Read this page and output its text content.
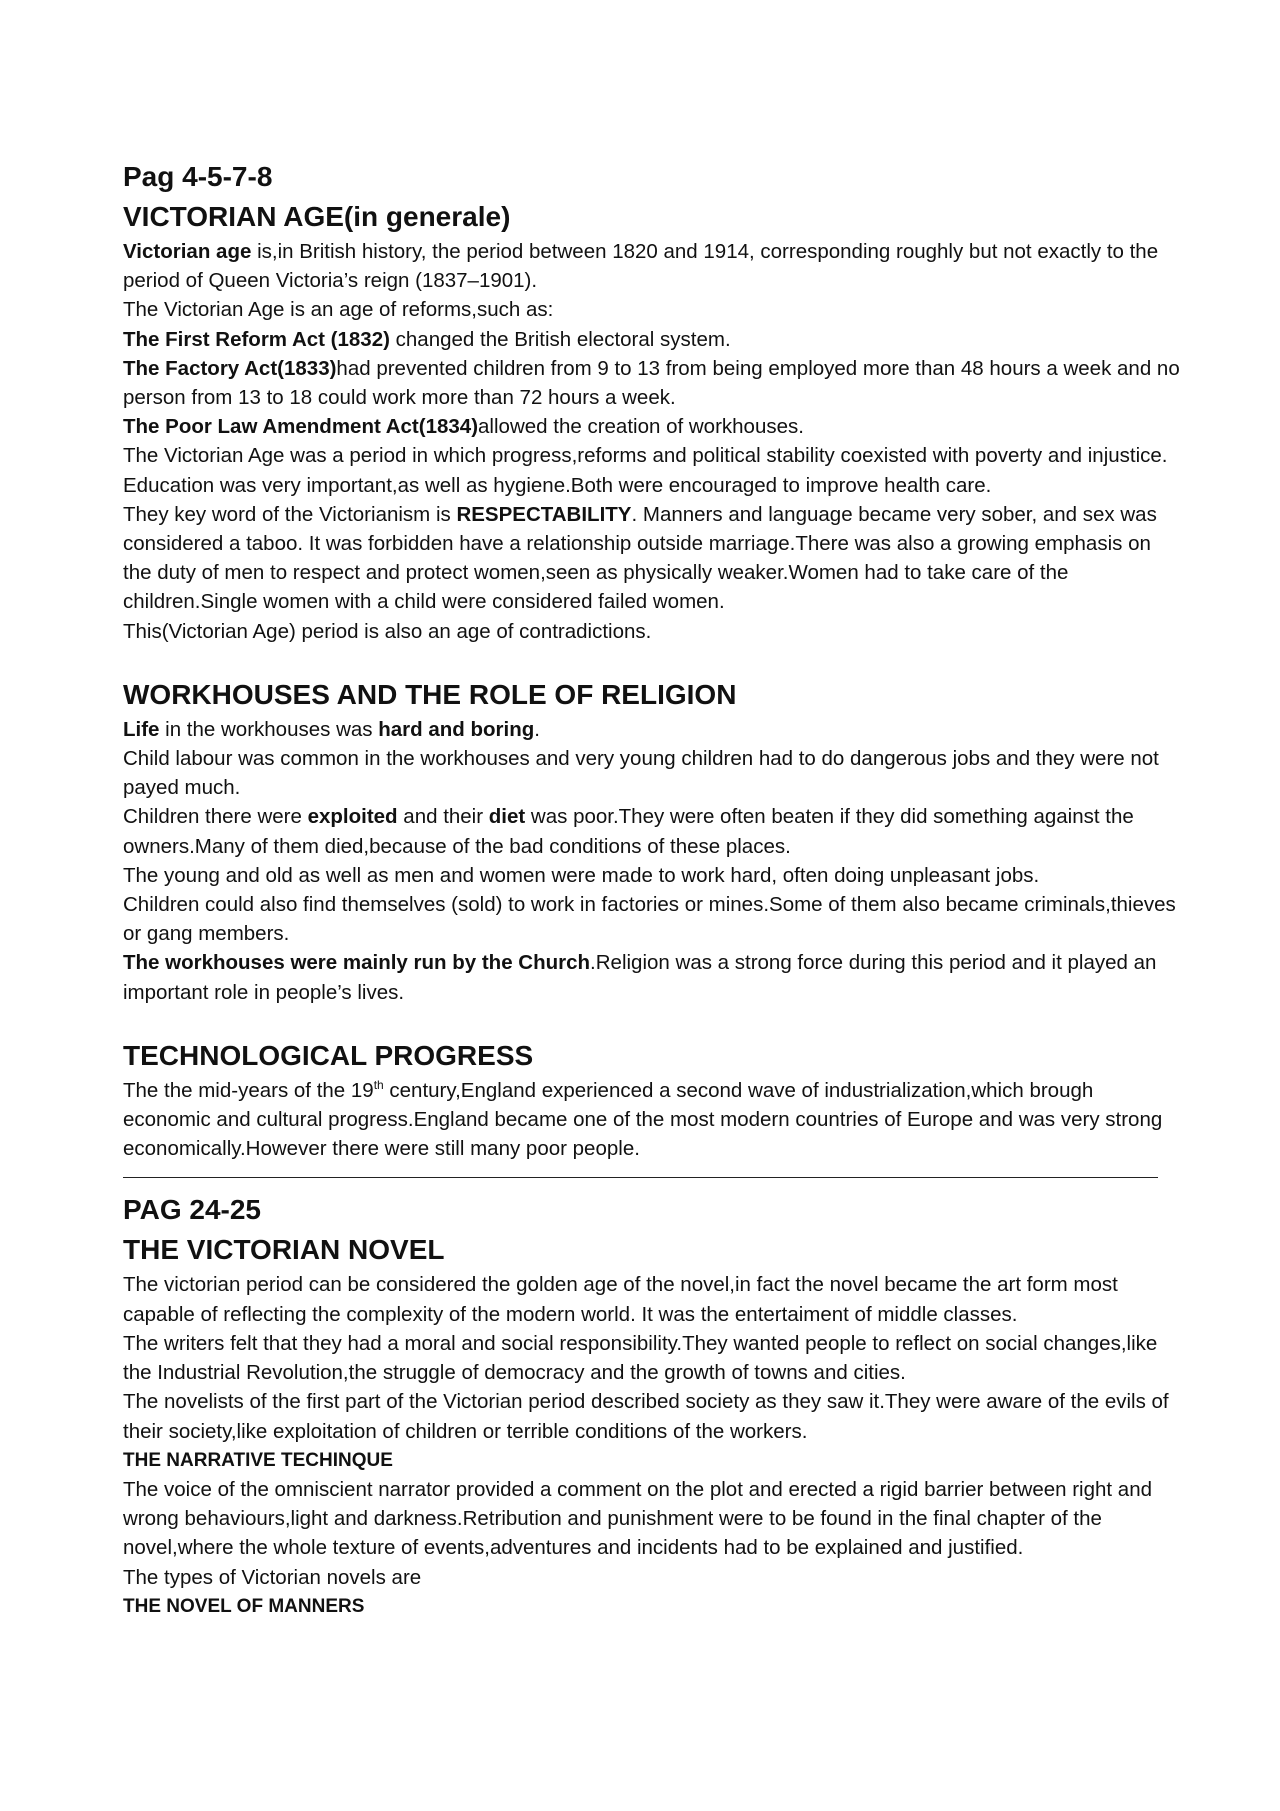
Pag 4-5-7-8
VICTORIAN AGE(in generale)

Victorian age is,in British history, the period between 1820 and 1914, corresponding roughly but not exactly to the period of Queen Victoria’s reign (1837–1901).

The Victorian Age is an age of reforms,such as:

The First Reform Act (1832) changed the British electoral system.

The Factory Act(1833)had prevented children from 9 to 13 from being employed more than 48 hours a week and no person from 13 to 18 could work more than 72 hours a week.

The Poor Law Amendment Act(1834)allowed the creation of workhouses.

The Victorian Age was a period in which progress,reforms and political stability coexisted with poverty and injustice.

Education was very important,as well as hygiene.Both were encouraged to improve health care.

They key word of the Victorianism is RESPECTABILITY. Manners and language became very sober, and sex was considered a taboo. It was forbidden have a relationship outside marriage.There was also a growing emphasis on the duty of men to respect and protect women,seen as physically weaker.Women had to take care of the children.Single women with a child were considered failed women.

This(Victorian Age) period is also an age of contradictions.

WORKHOUSES AND THE ROLE OF RELIGION

Life in the workhouses was hard and boring.

Child labour was common in the workhouses and very young children had to do dangerous jobs and they were not payed much.

Children there were exploited and their diet was poor.They were often beaten if they did something against the owners.Many of them died,because of the bad conditions of these places.

The young and old as well as men and women were made to work hard, often doing unpleasant jobs.

Children could also find themselves (sold) to work in factories or mines.Some of them also became criminals,thieves or gang members.

The workhouses were mainly run by the Church.Religion was a strong force during this period and it played an important role in people’s lives.

TECHNOLOGICAL PROGRESS

The the mid-years of the 19th century,England experienced a second wave of industrialization,which brough economic and cultural progress.England became one of the most modern countries of Europe and was very strong economically.However there were still many poor people.

PAG 24-25
THE VICTORIAN NOVEL

The victorian period can be considered the golden age of the novel,in fact the novel became the art form most capable of reflecting the complexity of the modern world. It was the entertaiment of middle classes.

The writers felt that they had a moral and social responsibility.They wanted people to reflect on social changes,like the Industrial Revolution,the struggle of democracy and the growth of towns and cities.

The novelists of the first part of the Victorian period described society as they saw it.They were aware of the evils of their society,like exploitation of children or terrible conditions of the workers.

THE NARRATIVE TECHINQUE

The voice of the omniscient narrator provided a comment on the plot and erected a rigid barrier between right and wrong behaviours,light and darkness.Retribution and punishment were to be found in the final chapter of the novel,where the whole texture of events,adventures and incidents had to be explained and justified.

The types of Victorian novels are

THE NOVEL OF MANNERS
